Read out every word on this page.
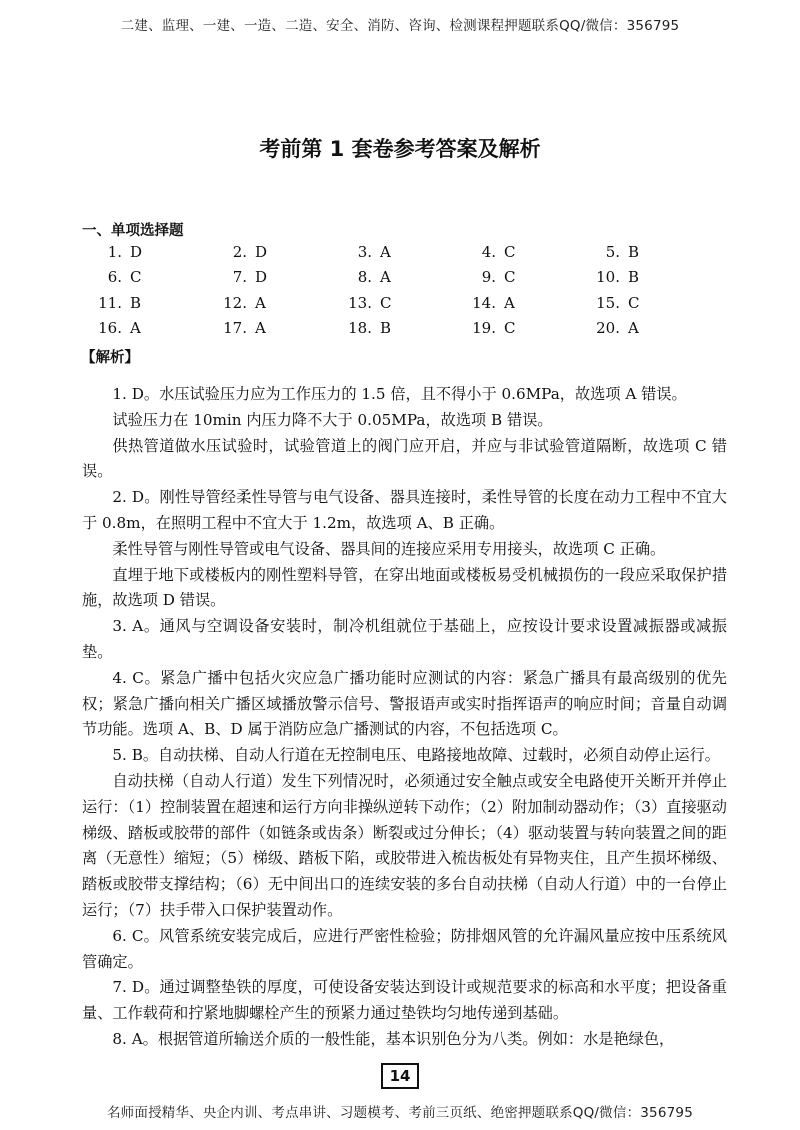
二建、监理、一建、一造、二造、安全、消防、咨询、检测课程押题联系QQ/微信：356795
考前第 1 套卷参考答案及解析
一、单项选择题
1. D	2. D	3. A	4. C	5. B
6. C	7. D	8. A	9. C	10. B
11. B	12. A	13. C	14. A	15. C
16. A	17. A	18. B	19. C	20. A
【解析】

1. D。水压试验压力应为工作压力的 1.5 倍，且不得小于 0.6MPa，故选项 A 错误。

试验压力在 10min 内压力降不大于 0.05MPa，故选项 B 错误。

供热管道做水压试验时，试验管道上的阀门应开启，并应与非试验管道隔断，故选项 C 错误。

2. D。刚性导管经柔性导管与电气设备、器具连接时，柔性导管的长度在动力工程中不宜大于 0.8m，在照明工程中不宜大于 1.2m，故选项 A、B 正确。

柔性导管与刚性导管或电气设备、器具间的连接应采用专用接头，故选项 C 正确。

直埋于地下或楼板内的刚性塑料导管，在穿出地面或楼板易受机械损伤的一段应采取保护措施，故选项 D 错误。

3. A。通风与空调设备安装时，制冷机组就位于基础上，应按设计要求设置减振器或减振垫。

4. C。紧急广播中包括火灾应急广播功能时应测试的内容：紧急广播具有最高级别的优先权；紧急广播向相关广播区域播放警示信号、警报语声或实时指挥语声的响应时间；音量自动调节功能。选项 A、B、D 属于消防应急广播测试的内容，不包括选项 C。

5. B。自动扶梯、自动人行道在无控制电压、电路接地故障、过载时，必须自动停止运行。

自动扶梯（自动人行道）发生下列情况时，必须通过安全触点或安全电路使开关断开并停止运行：（1）控制装置在超速和运行方向非操纵逆转下动作；（2）附加制动器动作；（3）直接驱动梯级、踏板或胶带的部件（如链条或齿条）断裂或过分伸长；（4）驱动装置与转向装置之间的距离（无意性）缩短；（5）梯级、踏板下陷，或胶带进入梳齿板处有异物夹住，且产生损坏梯级、踏板或胶带支撑结构；（6）无中间出口的连续安装的多台自动扶梯（自动人行道）中的一台停止运行；（7）扶手带入口保护装置动作。

6. C。风管系统安装完成后，应进行严密性检验；防排烟风管的允许漏风量应按中压系统风管确定。

7. D。通过调整垫铁的厚度，可使设备安装达到设计或规范要求的标高和水平度；把设备重量、工作载荷和拧紧地脚螺栓产生的预紧力通过垫铁均匀地传递到基础。

8. A。根据管道所输送介质的一般性能，基本识别色分为八类。例如：水是艳绿色，

14
名师面授精华、央企内训、考点串讲、习题模考、考前三页纸、绝密押题联系QQ/微信：356795
